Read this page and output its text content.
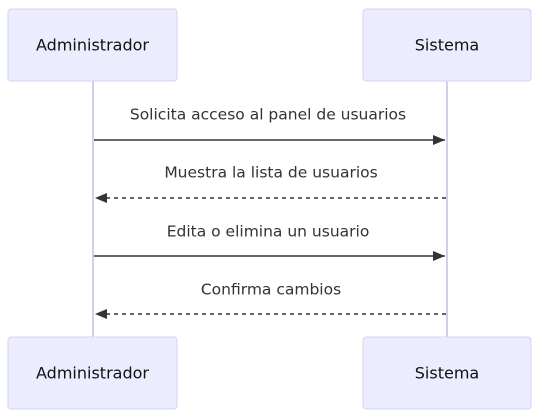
Administrador	Sistema
Solicita acceso al panel de usuarios
Muestra la lista de usuarios
Edita o elimina un usuario
Confirma cambios
Administrador	Sistema
